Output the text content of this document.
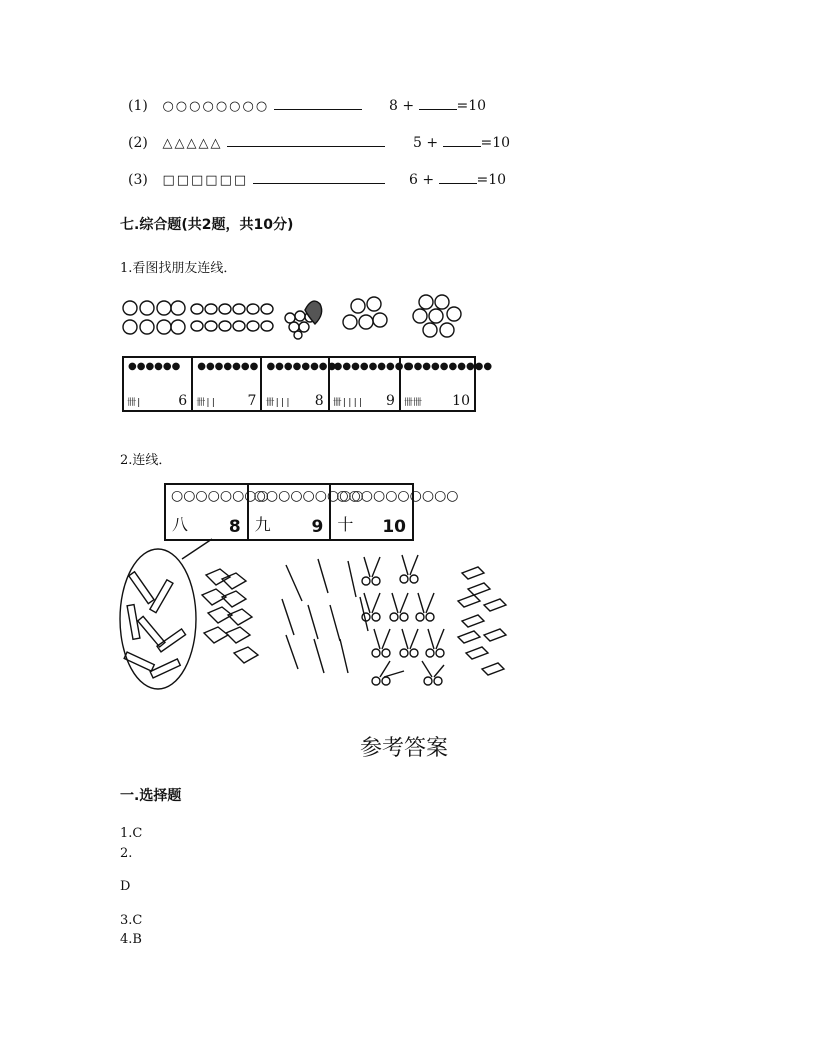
(1) ○○○○○○○○	8 +	=10
(2) △△△△△	5 +	=10
(3) □□□□□□	6 +	=10
七.综合题(共2题，共10分)
1.看图找朋友连线．
●●●●●●
卌|	6
●●●●●●●
卌|| 7
●●●●●●●●
卌||| 8
●●●●●●●●●
卌|||| 9
●●●●●●●●●●
卌卌 10
2.连线．
○○○○○○○○
八 8
○○○○○○○○○
九 9
○○○○○○○○○○
十 10
参考答案
一.选择题
1.C
2.
D
3.C
4.B
